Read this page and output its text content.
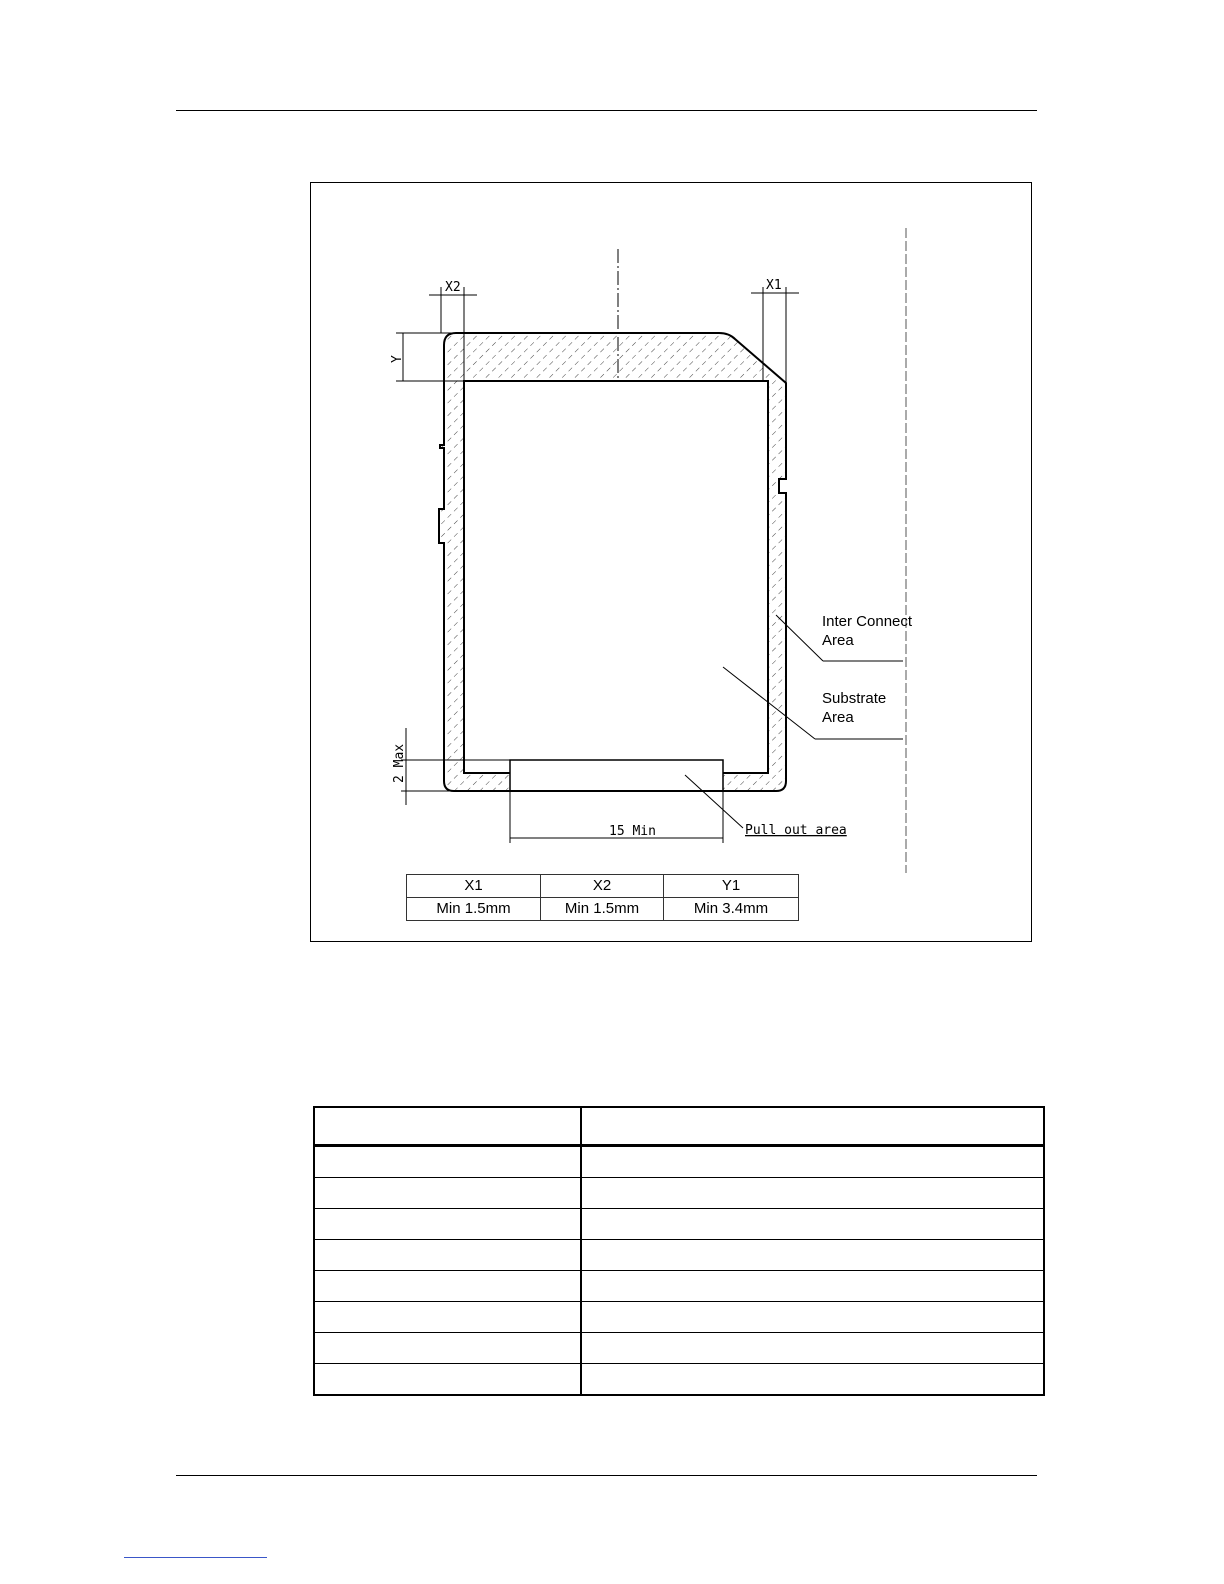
X2	X1
Y
2 Max
15 Min
Inter Connect
Area
Substrate
Area
Pull out area
X1	X2	Y1
Min 1.5mm	Min 1.5mm	Min 3.4mm
